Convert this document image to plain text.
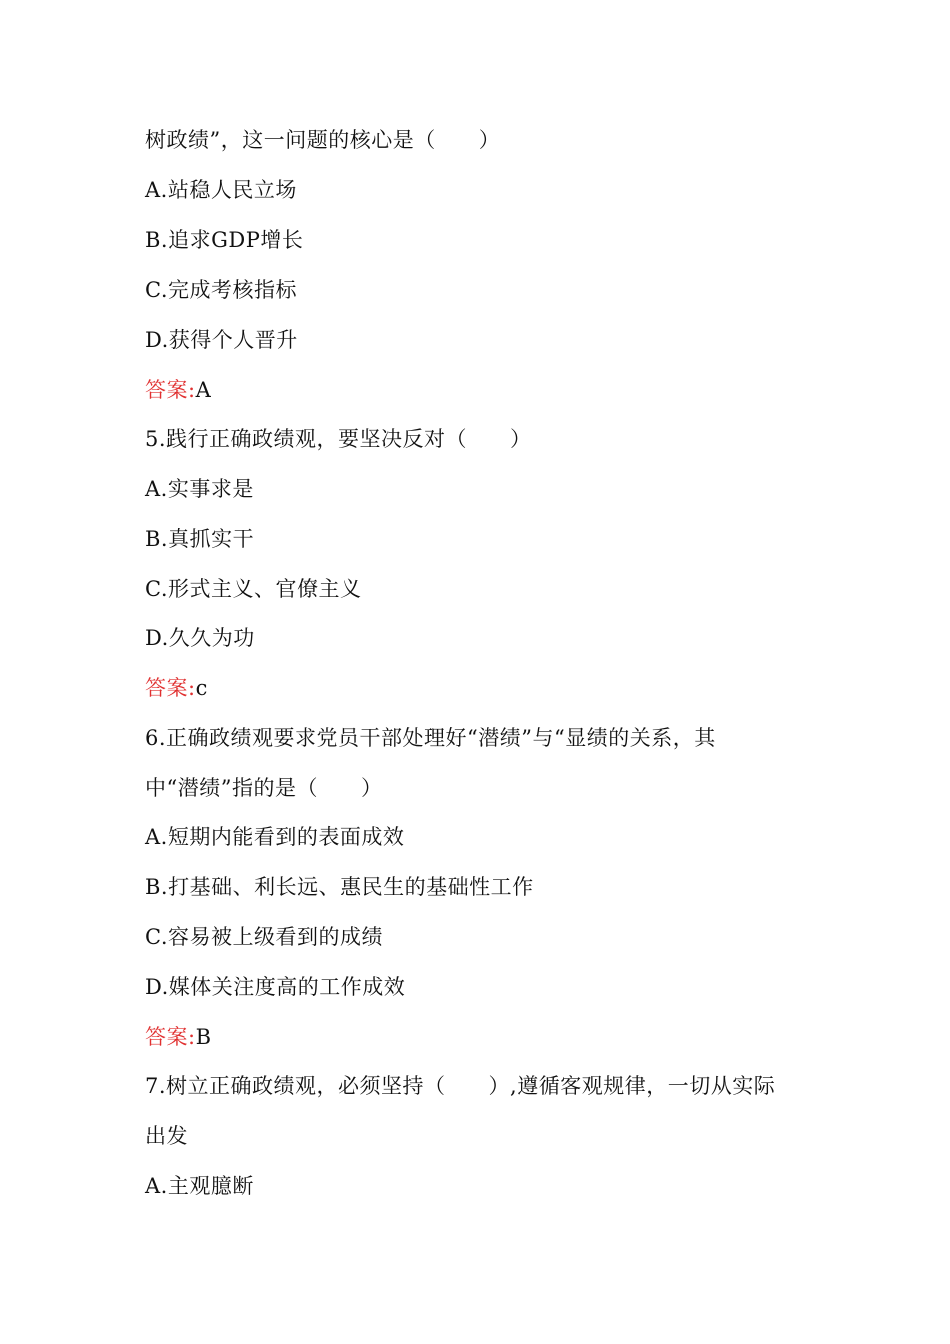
树政绩”，这一问题的核心是（　　）
A.站稳人民立场
B.追求GDP增长
C.完成考核指标
D.获得个人晋升
答案:A
5.践行正确政绩观，要坚决反对（　　）
A.实事求是
B.真抓实干
C.形式主义、官僚主义
D.久久为功
答案:c
6.正确政绩观要求党员干部处理好“潜绩”与“显绩的关系，其
中“潜绩”指的是（　　）
A.短期内能看到的表面成效
B.打基础、利长远、惠民生的基础性工作
C.容易被上级看到的成绩
D.媒体关注度高的工作成效
答案:B
7.树立正确政绩观，必须坚持（　　）,遵循客观规律，一切从实际
出发
A.主观臆断
